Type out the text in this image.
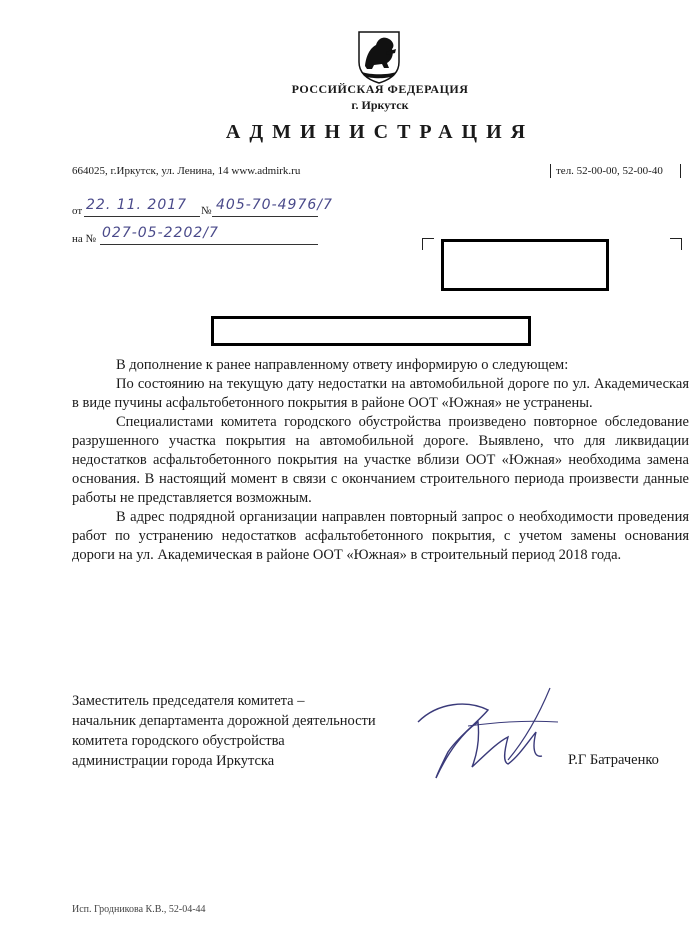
РОССИЙСКАЯ ФЕДЕРАЦИЯ
г. Иркутск
АДМИНИСТРАЦИЯ
664025, г.Иркутск, ул. Ленина, 14 www.admirk.ru	тел. 52-00-00, 52-00-40
от 22. 11. 2017 № 405-70-4976/7
на № 027-05-2202/7

В дополнение к ранее направленному ответу информирую о следующем:

По состоянию на текущую дату недостатки на автомобильной дороге по ул. Академическая в виде пучины асфальтобетонного покрытия в районе ООТ «Южная» не устранены.

Специалистами комитета городского обустройства произведено повторное обследование разрушенного участка покрытия на автомобильной дороге. Выявлено, что для ликвидации недостатков асфальтобетонного покрытия на участке вблизи ООТ «Южная» необходима замена основания. В настоящий момент в связи с окончанием строительного периода произвести данные работы не представляется возможным.

В адрес подрядной организации направлен повторный запрос о необходимости проведения работ по устранению недостатков асфальтобетонного покрытия, с учетом замены основания дороги на ул. Академическая в районе ООТ «Южная» в строительный период 2018 года.

Заместитель председателя комитета –
начальник департамента дорожной деятельности
комитета городского обустройства
администрации города Иркутска	Р.Г Батраченко
Исп. Гродникова К.В., 52-04-44
